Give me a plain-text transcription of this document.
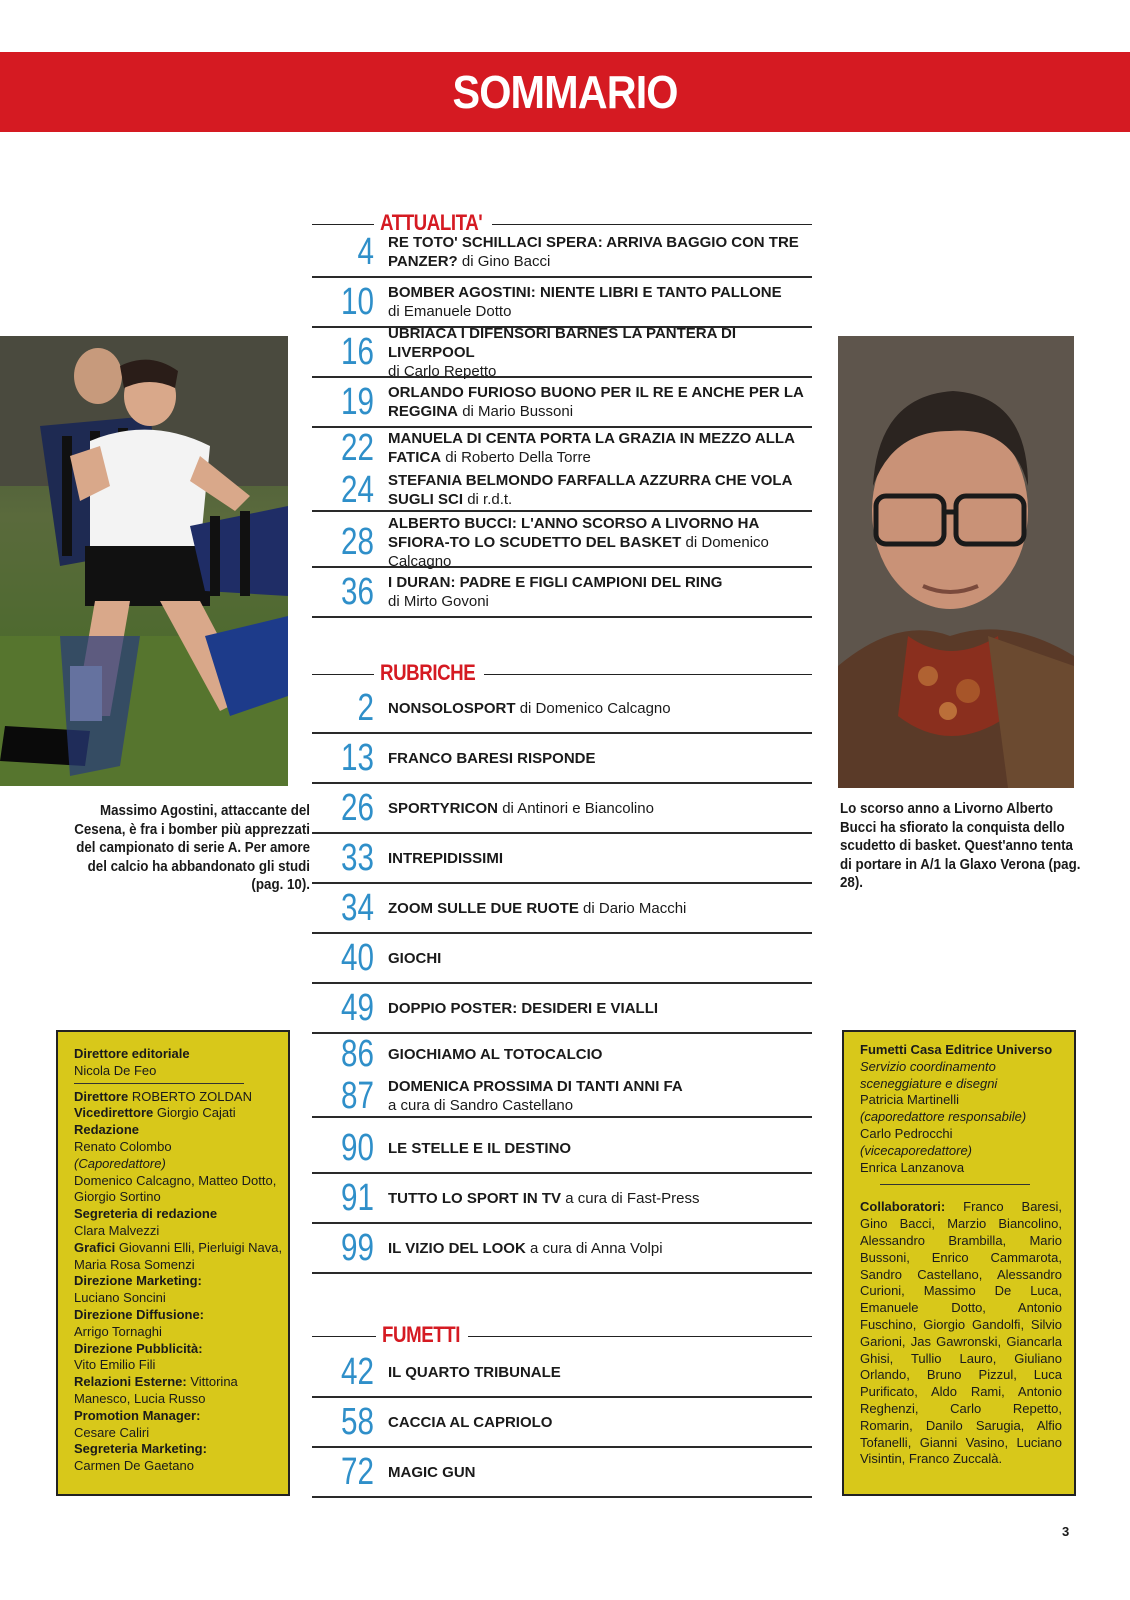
SOMMARIO
ATTUALITA'
4 RE TOTO' SCHILLACI SPERA: ARRIVA BAGGIO CON TRE PANZER? di Gino Bacci
10 BOMBER AGOSTINI: NIENTE LIBRI E TANTO PALLONE
di Emanuele Dotto
16 UBRIACA I DIFENSORI BARNES LA PANTERA DI LIVERPOOL
di Carlo Repetto
19 ORLANDO FURIOSO BUONO PER IL RE E ANCHE PER LA REGGINA di Mario Bussoni
22 MANUELA DI CENTA PORTA LA GRAZIA IN MEZZO ALLA FATICA di Roberto Della Torre
24 STEFANIA BELMONDO FARFALLA AZZURRA CHE VOLA SUGLI SCI di r.d.t.
28 ALBERTO BUCCI: L'ANNO SCORSO A LIVORNO HA SFIORA-TO LO SCUDETTO DEL BASKET di Domenico Calcagno
36 I DURAN: PADRE E FIGLI CAMPIONI DEL RING
di Mirto Govoni
RUBRICHE
2 NONSOLOSPORT di Domenico Calcagno
13 FRANCO BARESI RISPONDE
26 SPORTYRICON di Antinori e Biancolino
33 INTREPIDISSIMI
34 ZOOM SULLE DUE RUOTE di Dario Macchi
40 GIOCHI
49 DOPPIO POSTER: DESIDERI E VIALLI
86 GIOCHIAMO AL TOTOCALCIO
87 DOMENICA PROSSIMA DI TANTI ANNI FA
a cura di Sandro Castellano
90 LE STELLE E IL DESTINO
91 TUTTO LO SPORT IN TV a cura di Fast-Press
99 IL VIZIO DEL LOOK a cura di Anna Volpi
FUMETTI
42 IL QUARTO TRIBUNALE
58 CACCIA AL CAPRIOLO
72 MAGIC GUN
Massimo Agostini, attaccante del Cesena, è fra i bomber più apprezzati del campionato di serie A. Per amore del calcio ha abbandonato gli studi (pag. 10).
Lo scorso anno a Livorno Alberto Bucci ha sfiorato la conquista dello scudetto di basket. Quest'anno tenta di portare in A/1 la Glaxo Verona (pag. 28).
Direttore editoriale
Nicola De Feo
Direttore ROBERTO ZOLDAN
Vicedirettore Giorgio Cajati
Redazione
Renato Colombo
(Caporedattore)
Domenico Calcagno, Matteo Dotto, Giorgio Sortino
Segreteria di redazione
Clara Malvezzi
Grafici Giovanni Elli, Pierluigi Nava, Maria Rosa Somenzi
Direzione Marketing:
Luciano Soncini
Direzione Diffusione:
Arrigo Tornaghi
Direzione Pubblicità:
Vito Emilio Fili
Relazioni Esterne: Vittorina Manesco, Lucia Russo
Promotion Manager:
Cesare Caliri
Segreteria Marketing:
Carmen De Gaetano
Fumetti Casa Editrice Universo
Servizio coordinamento sceneggiature e disegni
Patricia Martinelli
(caporedattore responsabile)
Carlo Pedrocchi
(vicecaporedattore)
Enrica Lanzanova
Collaboratori: Franco Baresi, Gino Bacci, Marzio Biancolino, Alessandro Brambilla, Mario Bussoni, Enrico Cammarota, Sandro Castellano, Alessandro Curioni, Massimo De Luca, Emanuele Dotto, Antonio Fuschino, Giorgio Gandolfi, Silvio Garioni, Jas Gawronski, Giancarla Ghisi, Tullio Lauro, Giuliano Orlando, Bruno Pizzul, Luca Purificato, Aldo Rami, Antonio Reghenzi, Carlo Repetto, Romarin, Danilo Sarugia, Alfio Tofanelli, Gianni Vasino, Luciano Visintin, Franco Zuccalà.
3
